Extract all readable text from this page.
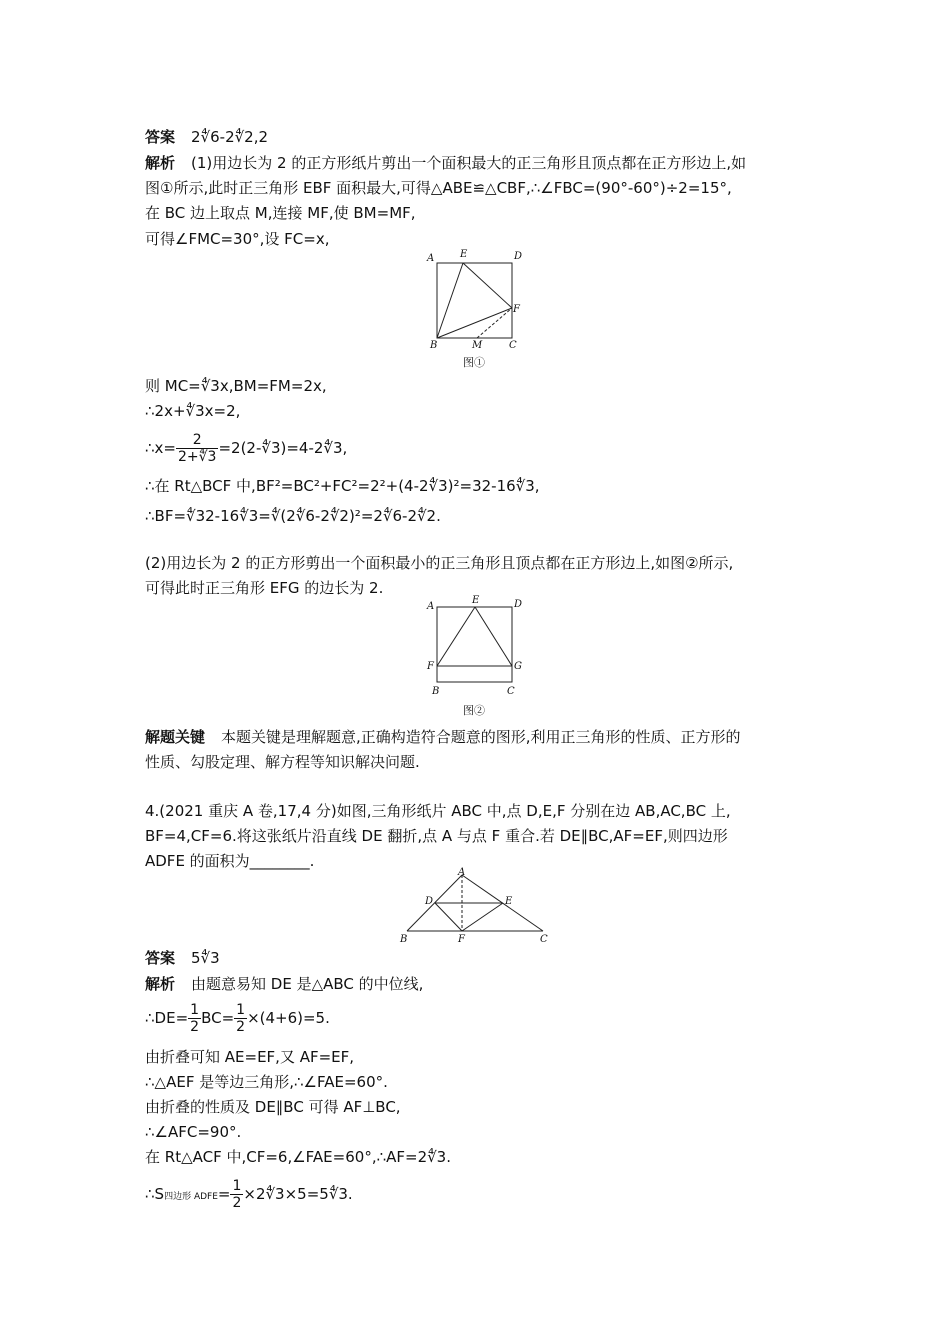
答案 2∜6-2∜2,2
解析 (1)用边长为 2 的正方形纸片剪出一个面积最大的正三角形且顶点都在正方形边上,如
图①所示,此时正三角形 EBF 面积最大,可得△ABE≌△CBF,∴∠FBC=(90°-60°)÷2=15°,
在 BC 边上取点 M,连接 MF,使 BM=MF,
可得∠FMC=30°,设 FC=x,
A	E	D
F
B	M	C
图①
则 MC=∜3x,BM=FM=2x,
∴2x+∜3x=2,
∴x= $\frac{2}{2+∜3}$ =2(2-∜3)=4-2∜3,
∴在 Rt△BCF 中,BF²=BC²+FC²=2²+(4-2∜3)²=32-16∜3,
∴BF=∜32-16∜3=∜(2∜6-2∜2)²=2∜6-2∜2.
(2)用边长为 2 的正方形剪出一个面积最小的正三角形且顶点都在正方形边上,如图②所示,
可得此时正三角形 EFG 的边长为 2.
A
E	D
F	G
B	C
图②
解题关键 本题关键是理解题意,正确构造符合题意的图形,利用正三角形的性质、正方形的
性质、勾股定理、解方程等知识解决问题.
4.(2021 重庆 A 卷,17,4 分)如图,三角形纸片 ABC 中,点 D,E,F 分别在边 AB,AC,BC 上,
BF=4,CF=6.将这张纸片沿直线 DE 翻折,点 A 与点 F 重合.若 DE∥BC,AF=EF,则四边形
ADFE 的面积为________.
A
D	E
B	F	C
答案 5∜3
解析 由题意易知 DE 是△ABC 的中位线,
∴DE= $\frac{1}{2} BC= \frac{1}{2} \times(4+6)=5$.
由折叠可知 AE=EF,又 AF=EF,
∴△AEF 是等边三角形,∴∠FAE=60°.
由折叠的性质及 DE∥BC 可得 AF⊥BC,
∴∠AFC=90°.
在 Rt△ACF 中,CF=6,∠FAE=60°,∴AF=2∜3.
∴S四边形 ADFE= $\frac{1}{2}$ ×2∜3×5=5∜3.
